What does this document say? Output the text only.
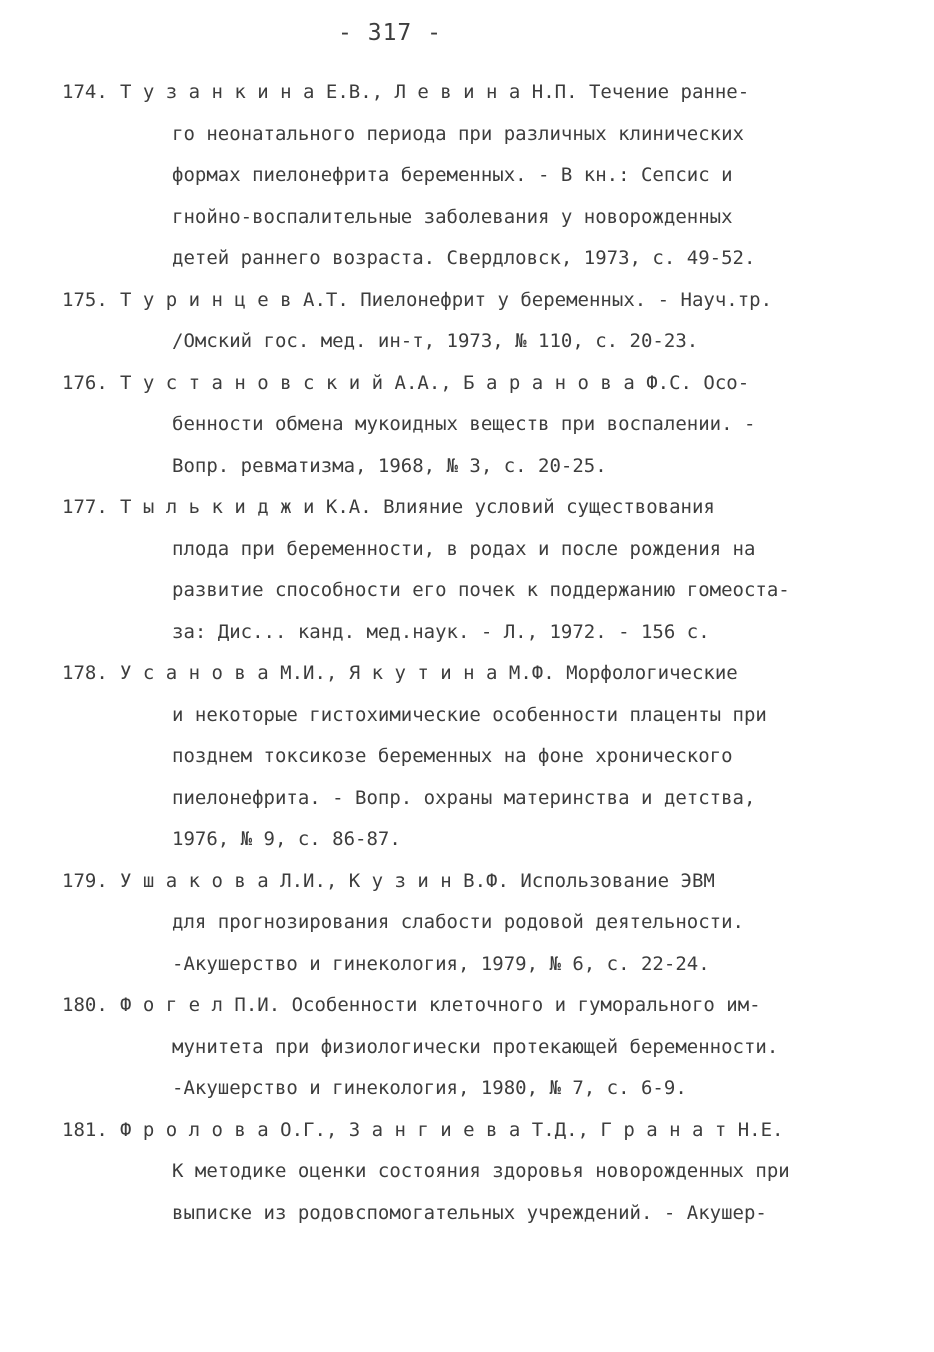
- 317 -
174. Т у з а н к и н а Е.В., Л е в и н а Н.П. Течение ранне-
го неонатального периода при различных клинических
формах пиелонефрита беременных. - В кн.: Сепсис и
гнойно-воспалительные заболевания у новорожденных
детей раннего возраста. Свердловск, 1973, с. 49-52.
175. Т у р и н ц е в А.Т. Пиелонефрит у беременных. - Науч.тр.
/Омский гос. мед. ин-т, 1973, № 110, с. 20-23.
176. Т у с т а н о в с к и й А.А., Б а р а н о в а Ф.С. Осо-
бенности обмена мукоидных веществ при воспалении. -
Вопр. ревматизма, 1968, № 3, с. 20-25.
177. Т ы л ь к и д ж и К.А. Влияние условий существования
плода при беременности, в родах и после рождения на
развитие способности его почек к поддержанию гомеоста-
за: Дис... канд. мед.наук. - Л., 1972. - 156 с.
178. У с а н о в а М.И., Я к у т и н а М.Ф. Морфологические
и некоторые гистохимические особенности плаценты при
позднем токсикозе беременных на фоне хронического
пиелонефрита. - Вопр. охраны материнства и детства,
1976, № 9, с. 86-87.
179. У ш а к о в а Л.И., К у з и н В.Ф. Использование ЭВМ
для прогнозирования слабости родовой деятельности.
-Акушерство и гинекология, 1979, № 6, с. 22-24.
180. Ф о г е л П.И. Особенности клеточного и гуморального им-
мунитета при физиологически протекающей беременности.
-Акушерство и гинекология, 1980, № 7, с. 6-9.
181. Ф р о л о в а О.Г., З а н г и е в а Т.Д., Г р а н а т Н.Е.
К методике оценки состояния здоровья новорожденных при
выписке из родовспомогательных учреждений. - Акушер-
